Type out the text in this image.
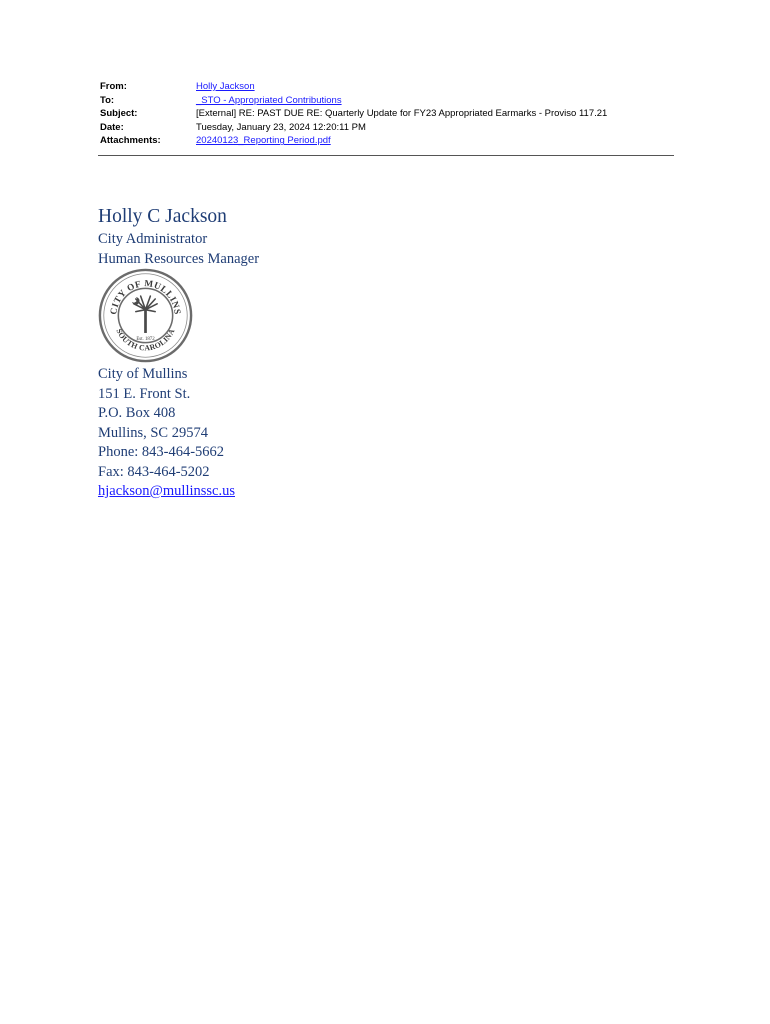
From:	Holly Jackson
To:	_STO - Appropriated Contributions
Subject:	[External] RE: PAST DUE RE: Quarterly Update for FY23 Appropriated Earmarks - Proviso 117.21
Date:	Tuesday, January 23, 2024 12:20:11 PM
Attachments:	20240123_Reporting Period.pdf
Holly C Jackson
City Administrator
Human Resources Manager
CITY OF MULLINS
SOUTH CAROLINA
Est. 1872
City of Mullins
151 E. Front St.
P.O. Box 408
Mullins, SC 29574
Phone: 843-464-5662
Fax: 843-464-5202
hjackson@mullinssc.us
